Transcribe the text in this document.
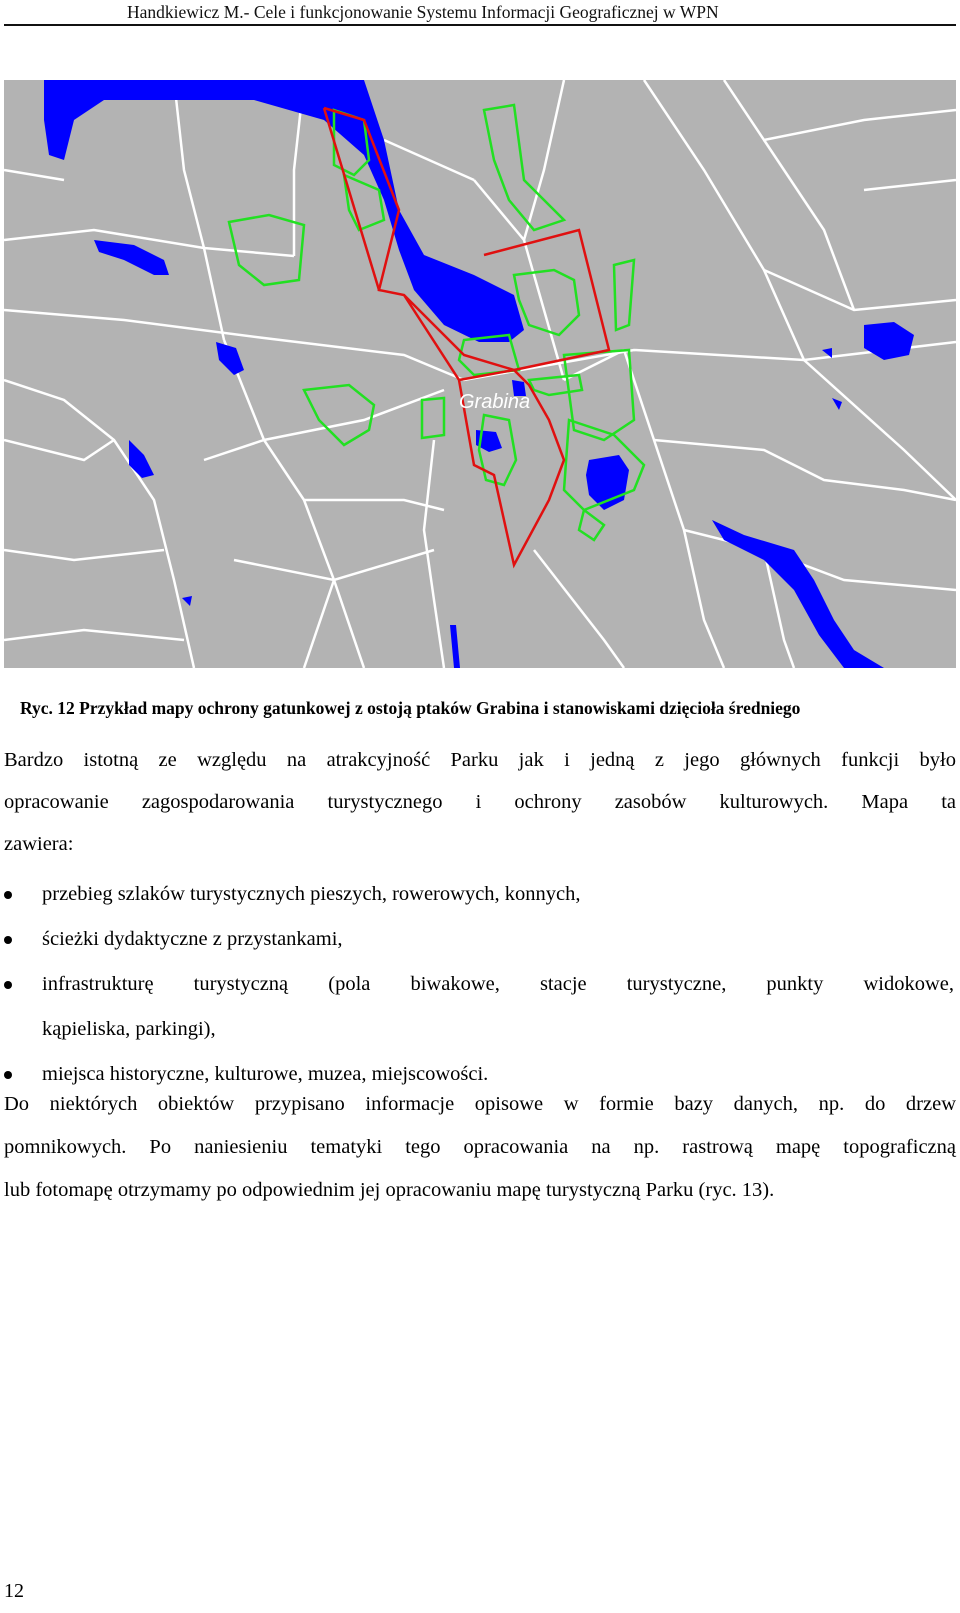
Handkiewicz M.- Cele i funkcjonowanie Systemu Informacji Geograficznej w WPN
Grabina
Ryc. 12 Przykład mapy ochrony gatunkowej z ostoją ptaków Grabina i stanowiskami dzięcioła średniego
Bardzo istotną ze względu na atrakcyjność Parku jak i jedną z jego głównych funkcji było
opracowanie zagospodarowania turystycznego i ochrony zasobów kulturowych. Mapa ta
zawiera:
przebieg szlaków turystycznych pieszych, rowerowych, konnych,
ścieżki dydaktyczne z przystankami,
infrastrukturę turystyczną (pola biwakowe, stacje turystyczne, punkty widokowe,
kąpieliska, parkingi),
miejsca historyczne, kulturowe, muzea, miejscowości.
Do niektórych obiektów przypisano informacje opisowe w formie bazy danych, np. do drzew
pomnikowych. Po naniesieniu tematyki tego opracowania na np. rastrową mapę topograficzną
lub fotomapę otrzymamy po odpowiednim jej opracowaniu mapę turystyczną Parku (ryc. 13).
12
